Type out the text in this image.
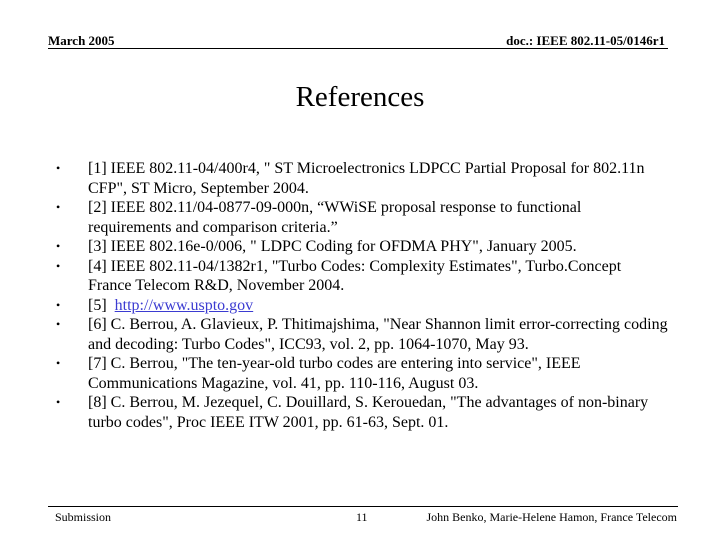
March 2005	doc.: IEEE 802.11-05/0146r1
References
•	[1] IEEE 802.11-04/400r4, " ST Microelectronics LDPCC Partial Proposal for 802.11n CFP", ST Micro, September 2004.
•	[2] IEEE 802.11/04-0877-09-000n, “WWiSE proposal response to functional requirements and comparison criteria.”
•	[3] IEEE 802.16e-0/006, " LDPC Coding for OFDMA PHY", January 2005.
•	[4] IEEE 802.11-04/1382r1, "Turbo Codes: Complexity Estimates", Turbo.Concept France Telecom R&D, November 2004.
•	[5]  http://www.uspto.gov
•	[6] C. Berrou, A. Glavieux, P. Thitimajshima, "Near Shannon limit error-correcting coding and decoding: Turbo Codes", ICC93, vol. 2, pp. 1064-1070, May 93.
•	[7] C. Berrou, "The ten-year-old turbo codes are entering into service", IEEE Communications Magazine, vol. 41, pp. 110-116, August 03.
•	[8] C. Berrou, M. Jezequel, C. Douillard, S. Kerouedan, "The advantages of non-binary turbo codes", Proc IEEE ITW 2001, pp. 61-63, Sept. 01.
Submission	11	John Benko, Marie-Helene Hamon, France Telecom
